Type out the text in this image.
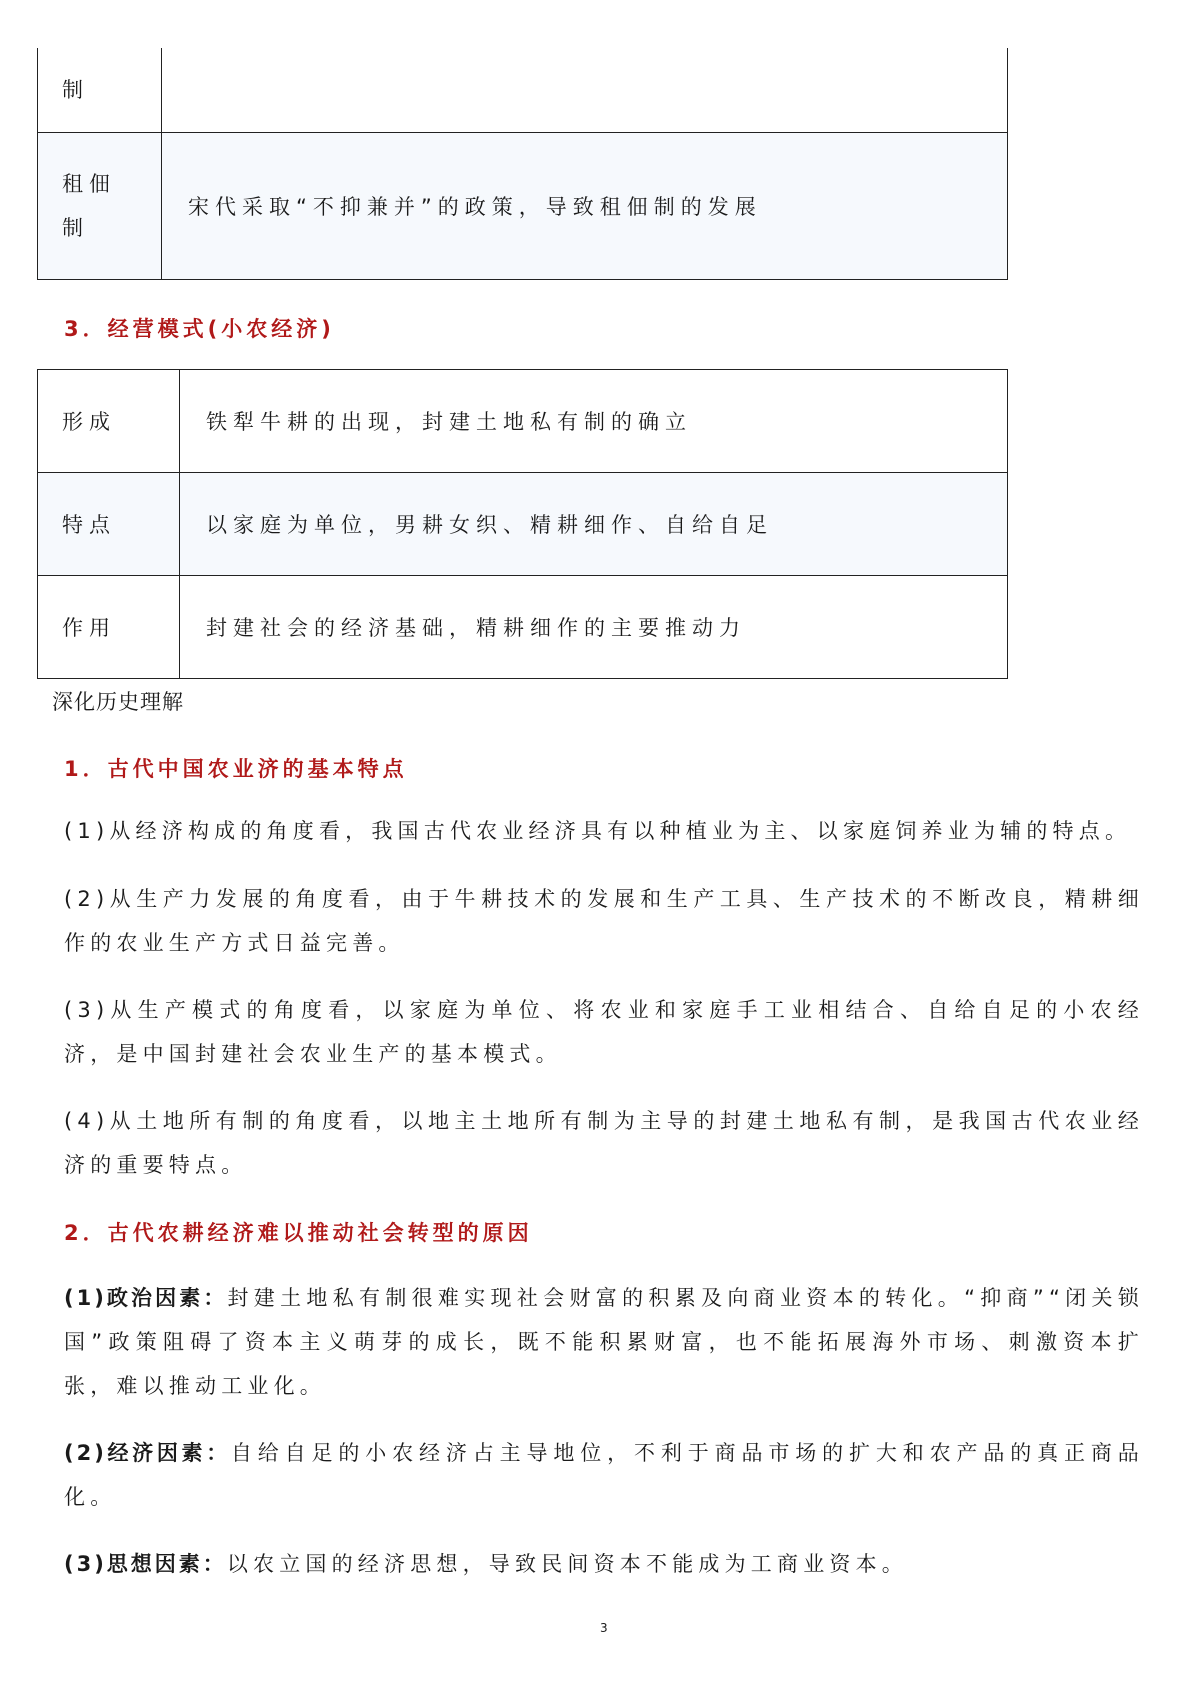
制	
租佃制	宋代采取“不抑兼并”的政策，导致租佃制的发展
3．经营模式(小农经济)
形成	铁犁牛耕的出现，封建土地私有制的确立
特点	以家庭为单位，男耕女织、精耕细作、自给自足
作用	封建社会的经济基础，精耕细作的主要推动力
深化历史理解
1．古代中国农业济的基本特点
(1)从经济构成的角度看，我国古代农业经济具有以种植业为主、以家庭饲养业为辅的特点。
(2)从生产力发展的角度看，由于牛耕技术的发展和生产工具、生产技术的不断改良，精耕细作的农业生产方式日益完善。
(3)从生产模式的角度看，以家庭为单位、将农业和家庭手工业相结合、自给自足的小农经济，是中国封建社会农业生产的基本模式。
(4)从土地所有制的角度看，以地主土地所有制为主导的封建土地私有制，是我国古代农业经济的重要特点。
2．古代农耕经济难以推动社会转型的原因
(1)政治因素：封建土地私有制很难实现社会财富的积累及向商业资本的转化。“抑商”“闭关锁国”政策阻碍了资本主义萌芽的成长，既不能积累财富，也不能拓展海外市场、刺激资本扩张，难以推动工业化。
(2)经济因素：自给自足的小农经济占主导地位，不利于商品市场的扩大和农产品的真正商品化。
(3)思想因素：以农立国的经济思想，导致民间资本不能成为工商业资本。
3
